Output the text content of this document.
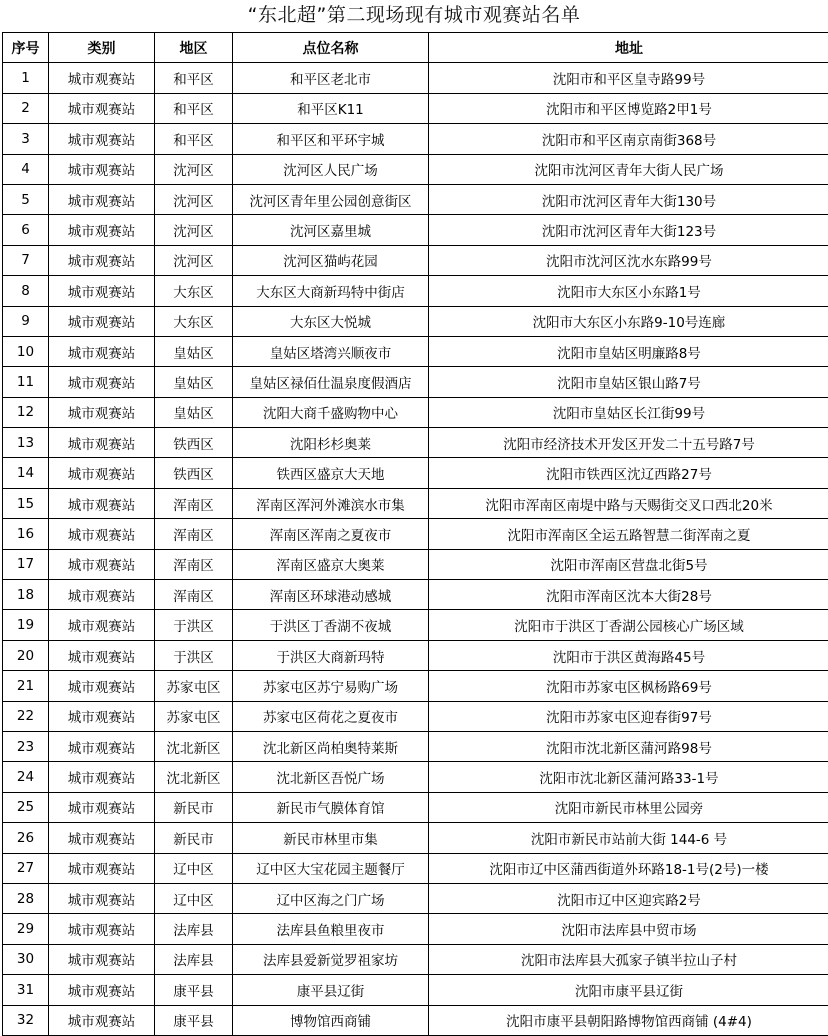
“东北超”第二现场现有城市观赛站名单
序号	类别	地区	点位名称	地址
1	城市观赛站	和平区	和平区老北市	沈阳市和平区皇寺路99号
2	城市观赛站	和平区	和平区K11	沈阳市和平区博览路2甲1号
3	城市观赛站	和平区	和平区和平环宇城	沈阳市和平区南京南街368号
4	城市观赛站	沈河区	沈河区人民广场	沈阳市沈河区青年大街人民广场
5	城市观赛站	沈河区	沈河区青年里公园创意街区	沈阳市沈河区青年大街130号
6	城市观赛站	沈河区	沈河区嘉里城	沈阳市沈河区青年大街123号
7	城市观赛站	沈河区	沈河区猫屿花园	沈阳市沈河区沈水东路99号
8	城市观赛站	大东区	大东区大商新玛特中街店	沈阳市大东区小东路1号
9	城市观赛站	大东区	大东区大悦城	沈阳市大东区小东路9-10号连廊
10	城市观赛站	皇姑区	皇姑区塔湾兴顺夜市	沈阳市皇姑区明廉路8号
11	城市观赛站	皇姑区	皇姑区禄佰仕温泉度假酒店	沈阳市皇姑区银山路7号
12	城市观赛站	皇姑区	沈阳大商千盛购物中心	沈阳市皇姑区长江街99号
13	城市观赛站	铁西区	沈阳杉杉奥莱	沈阳市经济技术开发区开发二十五号路7号
14	城市观赛站	铁西区	铁西区盛京大天地	沈阳市铁西区沈辽西路27号
15	城市观赛站	浑南区	浑南区浑河外滩滨水市集	沈阳市浑南区南堤中路与天赐街交叉口西北20米
16	城市观赛站	浑南区	浑南区浑南之夏夜市	沈阳市浑南区全运五路智慧二街浑南之夏
17	城市观赛站	浑南区	浑南区盛京大奥莱	沈阳市浑南区营盘北街5号
18	城市观赛站	浑南区	浑南区环球港动感城	沈阳市浑南区沈本大街28号
19	城市观赛站	于洪区	于洪区丁香湖不夜城	沈阳市于洪区丁香湖公园核心广场区域
20	城市观赛站	于洪区	于洪区大商新玛特	沈阳市于洪区黄海路45号
21	城市观赛站	苏家屯区	苏家屯区苏宁易购广场	沈阳市苏家屯区枫杨路69号
22	城市观赛站	苏家屯区	苏家屯区荷花之夏夜市	沈阳市苏家屯区迎春街97号
23	城市观赛站	沈北新区	沈北新区尚柏奥特莱斯	沈阳市沈北新区蒲河路98号
24	城市观赛站	沈北新区	沈北新区吾悦广场	沈阳市沈北新区蒲河路33-1号
25	城市观赛站	新民市	新民市气膜体育馆	沈阳市新民市林里公园旁
26	城市观赛站	新民市	新民市林里市集	沈阳市新民市站前大街 144-6 号
27	城市观赛站	辽中区	辽中区大宝花园主题餐厅	沈阳市辽中区蒲西街道外环路18-1号(2号)一楼
28	城市观赛站	辽中区	辽中区海之门广场	沈阳市辽中区迎宾路2号
29	城市观赛站	法库县	法库县鱼粮里夜市	沈阳市法库县中贸市场
30	城市观赛站	法库县	法库县爱新觉罗祖家坊	沈阳市法库县大孤家子镇半拉山子村
31	城市观赛站	康平县	康平县辽街	沈阳市康平县辽街
32	城市观赛站	康平县	博物馆西商铺	沈阳市康平县朝阳路博物馆西商铺 (4#4)
